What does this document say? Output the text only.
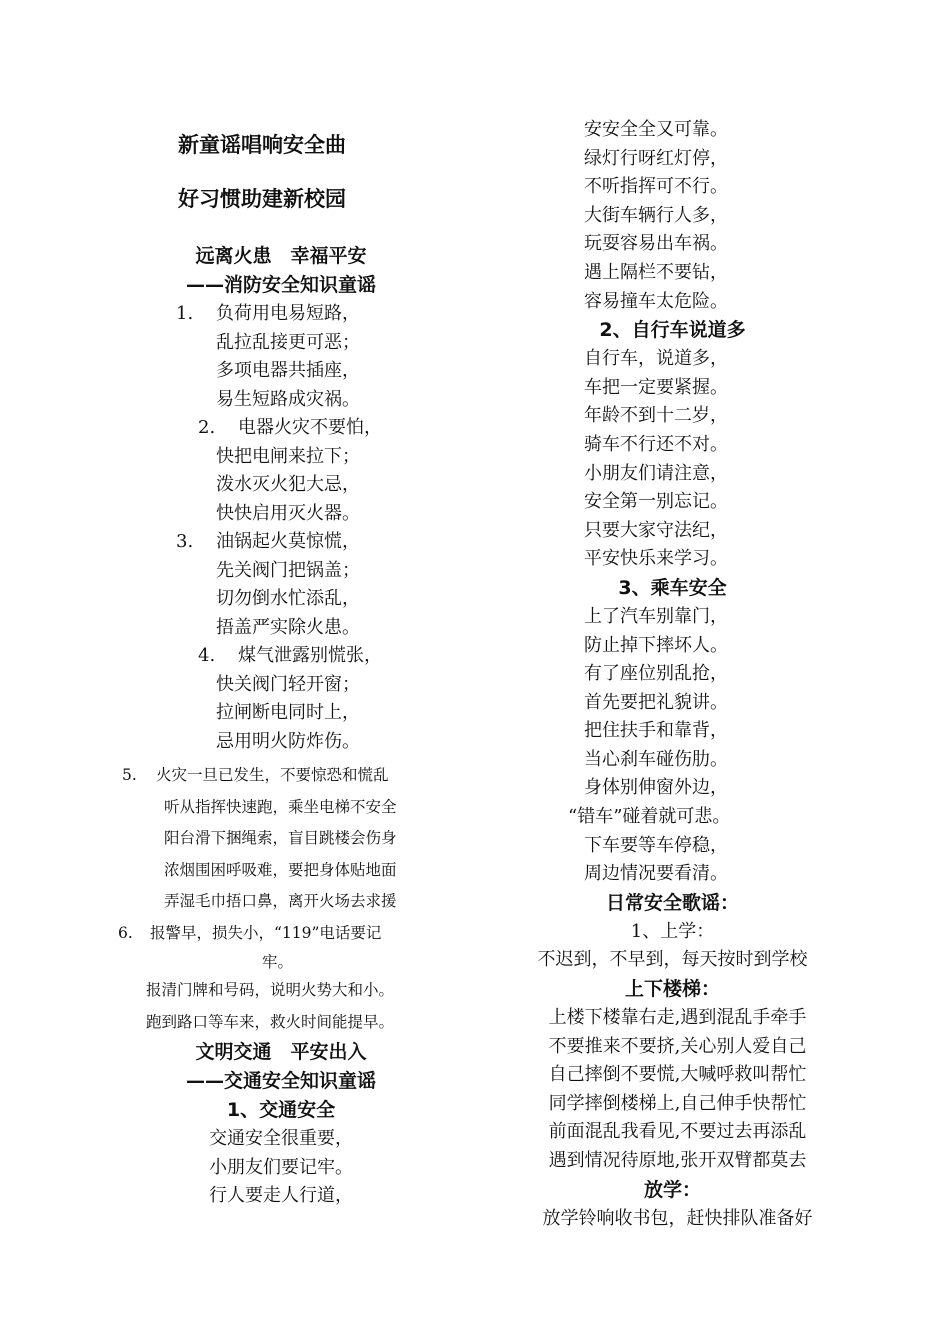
新童谣唱响安全曲
好习惯助建新校园
远离火患　幸福平安
——消防安全知识童谣
1. 负荷用电易短路，
乱拉乱接更可恶；
多项电器共插座，
易生短路成灾祸。
2. 电器火灾不要怕，
快把电闸来拉下；
泼水灭火犯大忌，
快快启用灭火器。
3. 油锅起火莫惊慌，
先关阀门把锅盖；
切勿倒水忙添乱，
捂盖严实除火患。
4. 煤气泄露别慌张，
快关阀门轻开窗；
拉闸断电同时上，
忌用明火防炸伤。
5. 火灾一旦已发生，不要惊恐和慌乱
听从指挥快速跑，乘坐电梯不安全
阳台滑下捆绳索，盲目跳楼会伤身
浓烟围困呼吸难，要把身体贴地面
弄湿毛巾捂口鼻，离开火场去求援
6. 报警早，损失小，“119”电话要记
牢。
报清门牌和号码，说明火势大和小。
跑到路口等车来，救火时间能提早。
文明交通　平安出入
——交通安全知识童谣
1、交通安全
交通安全很重要，
小朋友们要记牢。
行人要走人行道，
安安全全又可靠。
绿灯行呀红灯停，
不听指挥可不行。
大街车辆行人多，
玩耍容易出车祸。
遇上隔栏不要钻，
容易撞车太危险。
2、自行车说道多
自行车，说道多，
车把一定要紧握。
年龄不到十二岁，
骑车不行还不对。
小朋友们请注意，
安全第一别忘记。
只要大家守法纪，
平安快乐来学习。
3、乘车安全
上了汽车别靠门，
防止掉下摔坏人。
有了座位别乱抢，
首先要把礼貌讲。
把住扶手和靠背，
当心刹车碰伤肋。
身体别伸窗外边，
“错车”碰着就可悲。
下车要等车停稳，
周边情况要看清。
日常安全歌谣：
1、上学：
不迟到，不早到，每天按时到学校
上下楼梯：
上楼下楼靠右走,遇到混乱手牵手
不要推来不要挤,关心别人爱自己
自己摔倒不要慌,大喊呼救叫帮忙
同学摔倒楼梯上,自己伸手快帮忙
前面混乱我看见,不要过去再添乱
遇到情况待原地,张开双臂都莫去
放学：
放学铃响收书包，赶快排队准备好
